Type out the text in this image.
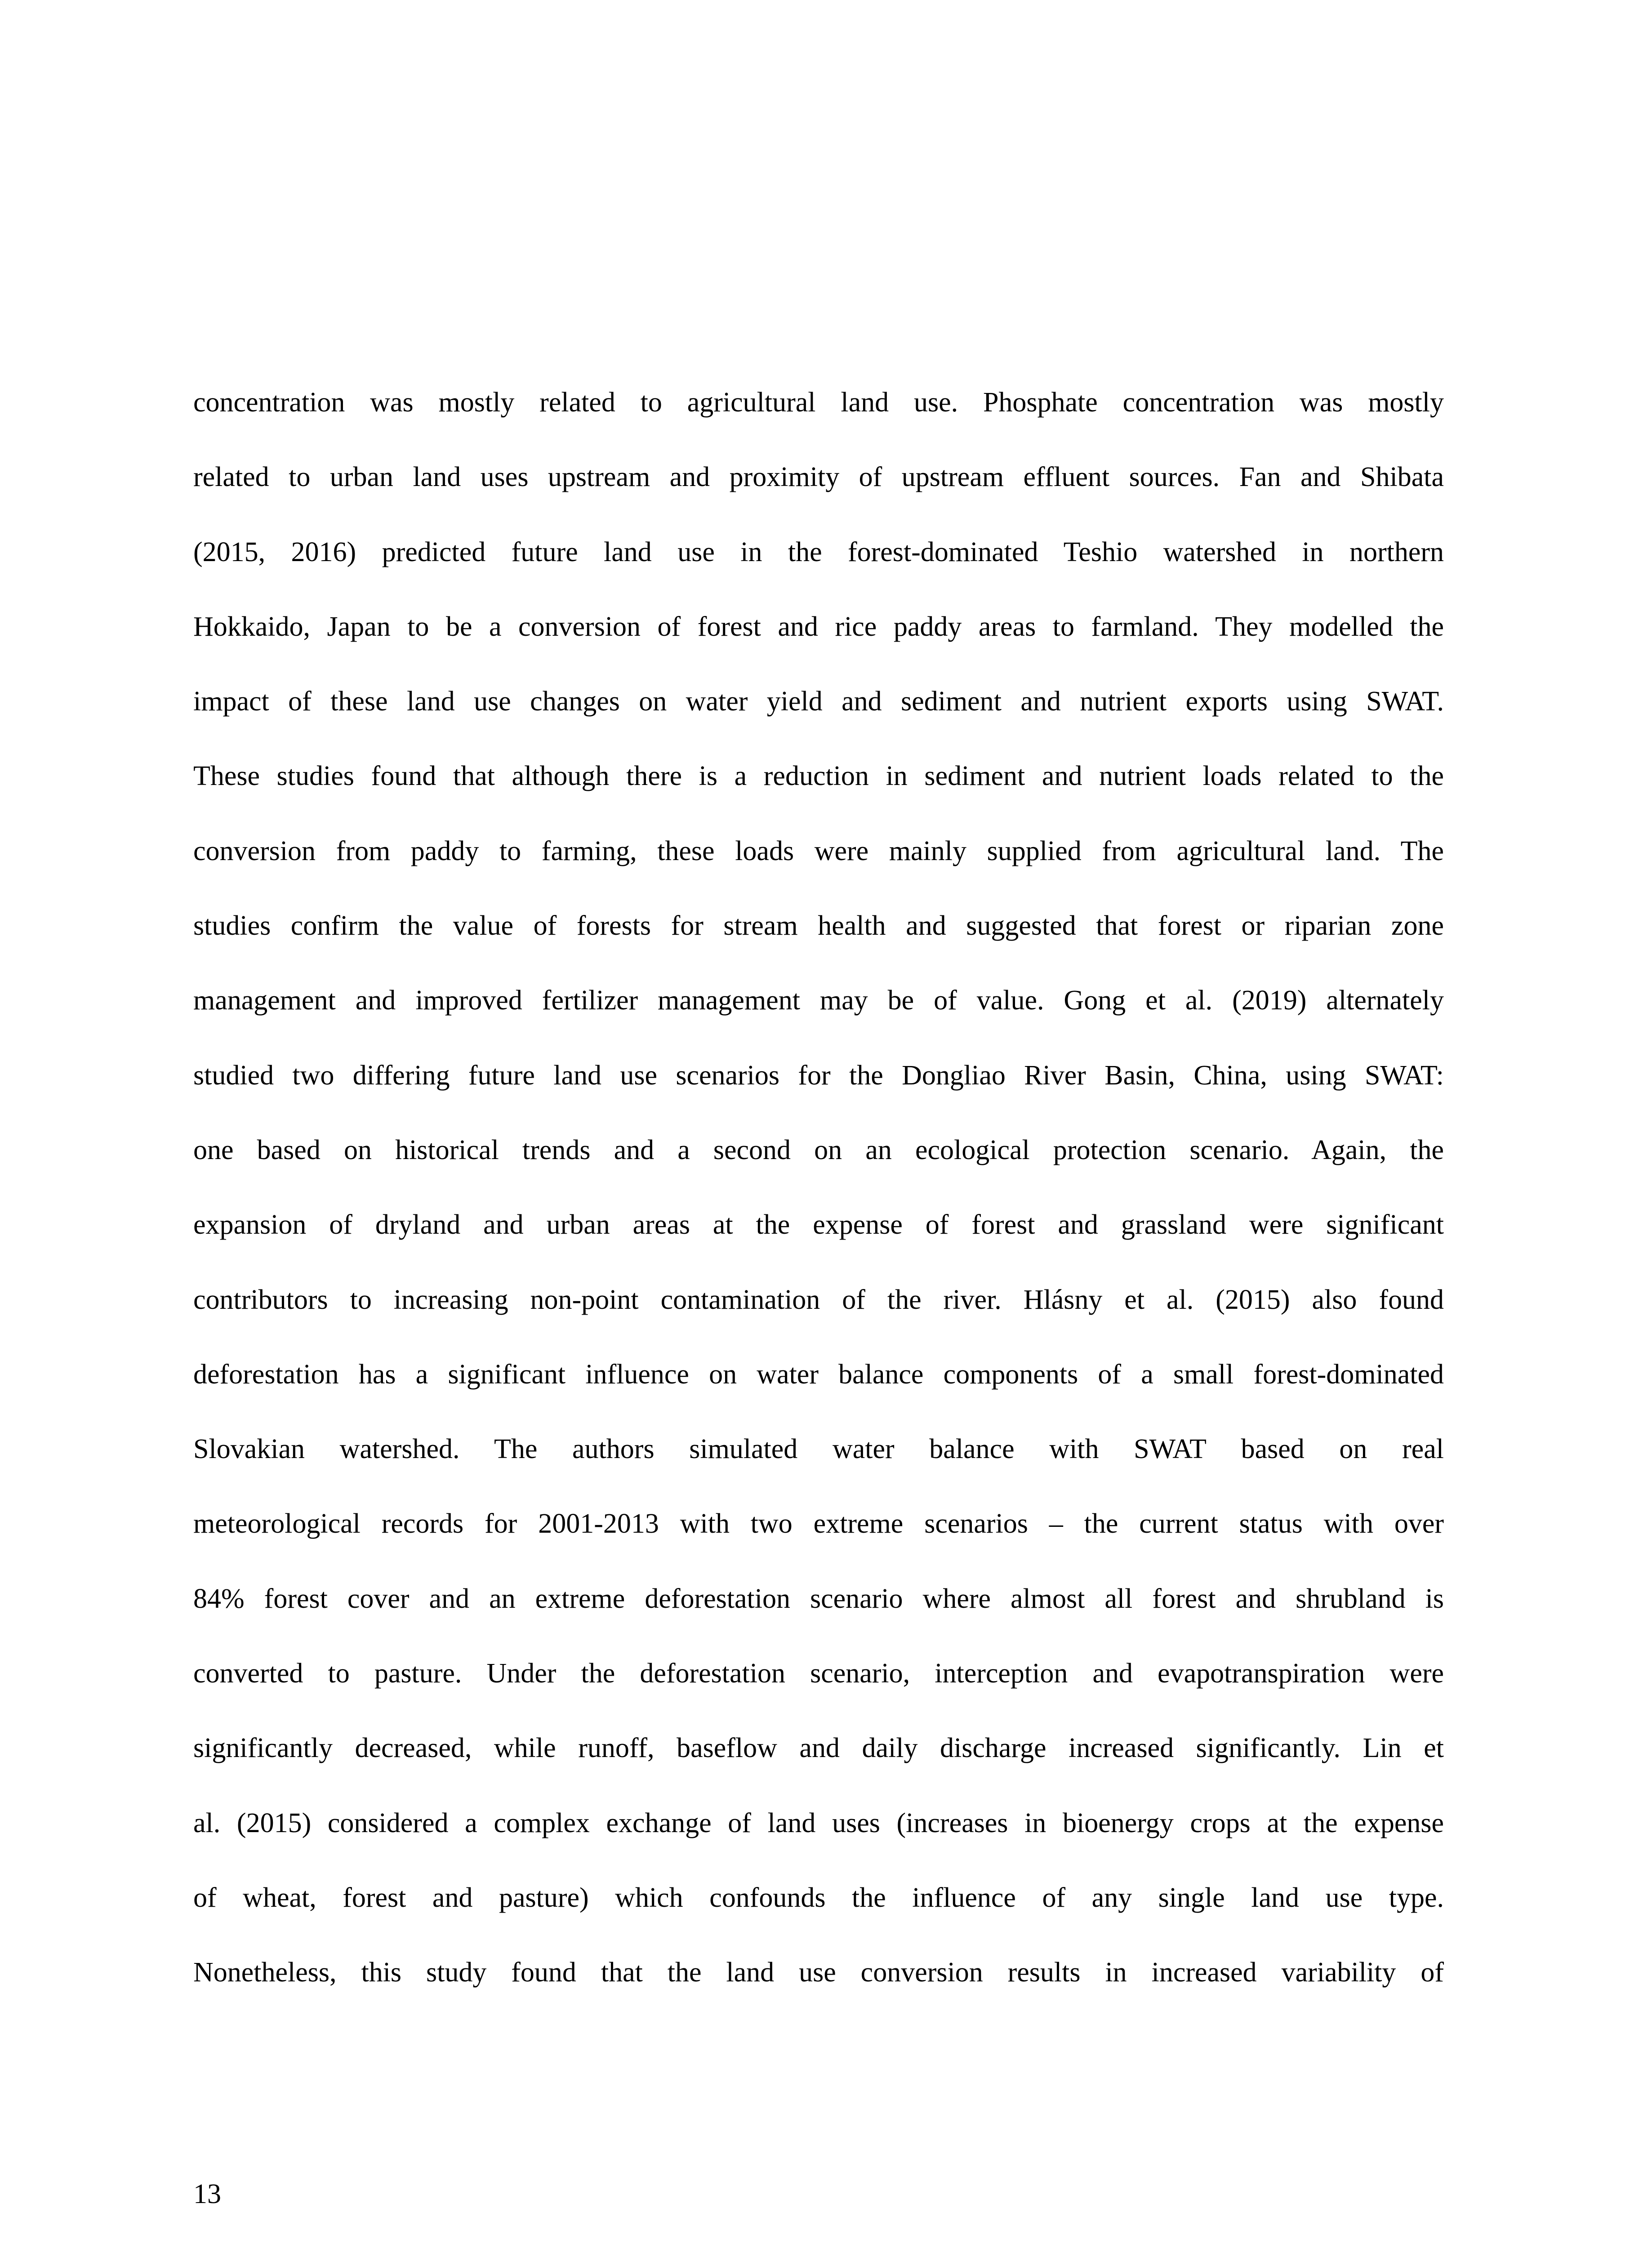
concentration was mostly related to agricultural land use. Phosphate concentration was mostly
related to urban land uses upstream and proximity of upstream effluent sources. Fan and Shibata
(2015, 2016) predicted future land use in the forest-dominated Teshio watershed in northern
Hokkaido, Japan to be a conversion of forest and rice paddy areas to farmland. They modelled the
impact of these land use changes on water yield and sediment and nutrient exports using SWAT.
These studies found that although there is a reduction in sediment and nutrient loads related to the
conversion from paddy to farming, these loads were mainly supplied from agricultural land. The
studies confirm the value of forests for stream health and suggested that forest or riparian zone
management and improved fertilizer management may be of value. Gong et al. (2019) alternately
studied two differing future land use scenarios for the Dongliao River Basin, China, using SWAT:
one based on historical trends and a second on an ecological protection scenario. Again, the
expansion of dryland and urban areas at the expense of forest and grassland were significant
contributors to increasing non-point contamination of the river. Hlásny et al. (2015) also found
deforestation has a significant influence on water balance components of a small forest-dominated
Slovakian watershed. The authors simulated water balance with SWAT based on real
meteorological records for 2001-2013 with two extreme scenarios – the current status with over
84% forest cover and an extreme deforestation scenario where almost all forest and shrubland is
converted to pasture. Under the deforestation scenario, interception and evapotranspiration were
significantly decreased, while runoff, baseflow and daily discharge increased significantly. Lin et
al. (2015) considered a complex exchange of land uses (increases in bioenergy crops at the expense
of wheat, forest and pasture) which confounds the influence of any single land use type.
Nonetheless, this study found that the land use conversion results in increased variability of

13
